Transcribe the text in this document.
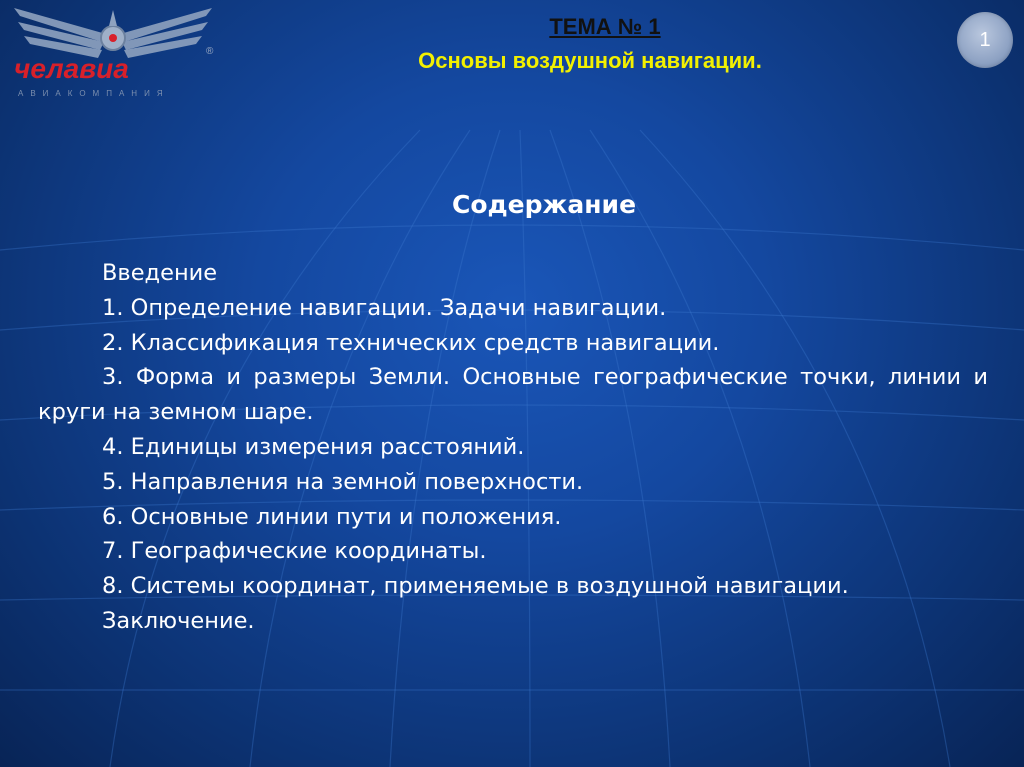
челавиа
®
АВИАКОМПАНИЯ
ТЕМА № 1
Основы воздушной навигации.
1
Содержание
Введение
1. Определение навигации. Задачи навигации.
2. Классификация технических средств навигации.
3. Форма и размеры Земли. Основные географические точки, линии и круги на земном шаре.
4. Единицы измерения расстояний.
5. Направления на земной поверхности.
6. Основные линии пути и положения.
7. Географические координаты.
8. Системы координат, применяемые в воздушной навигации.
Заключение.
